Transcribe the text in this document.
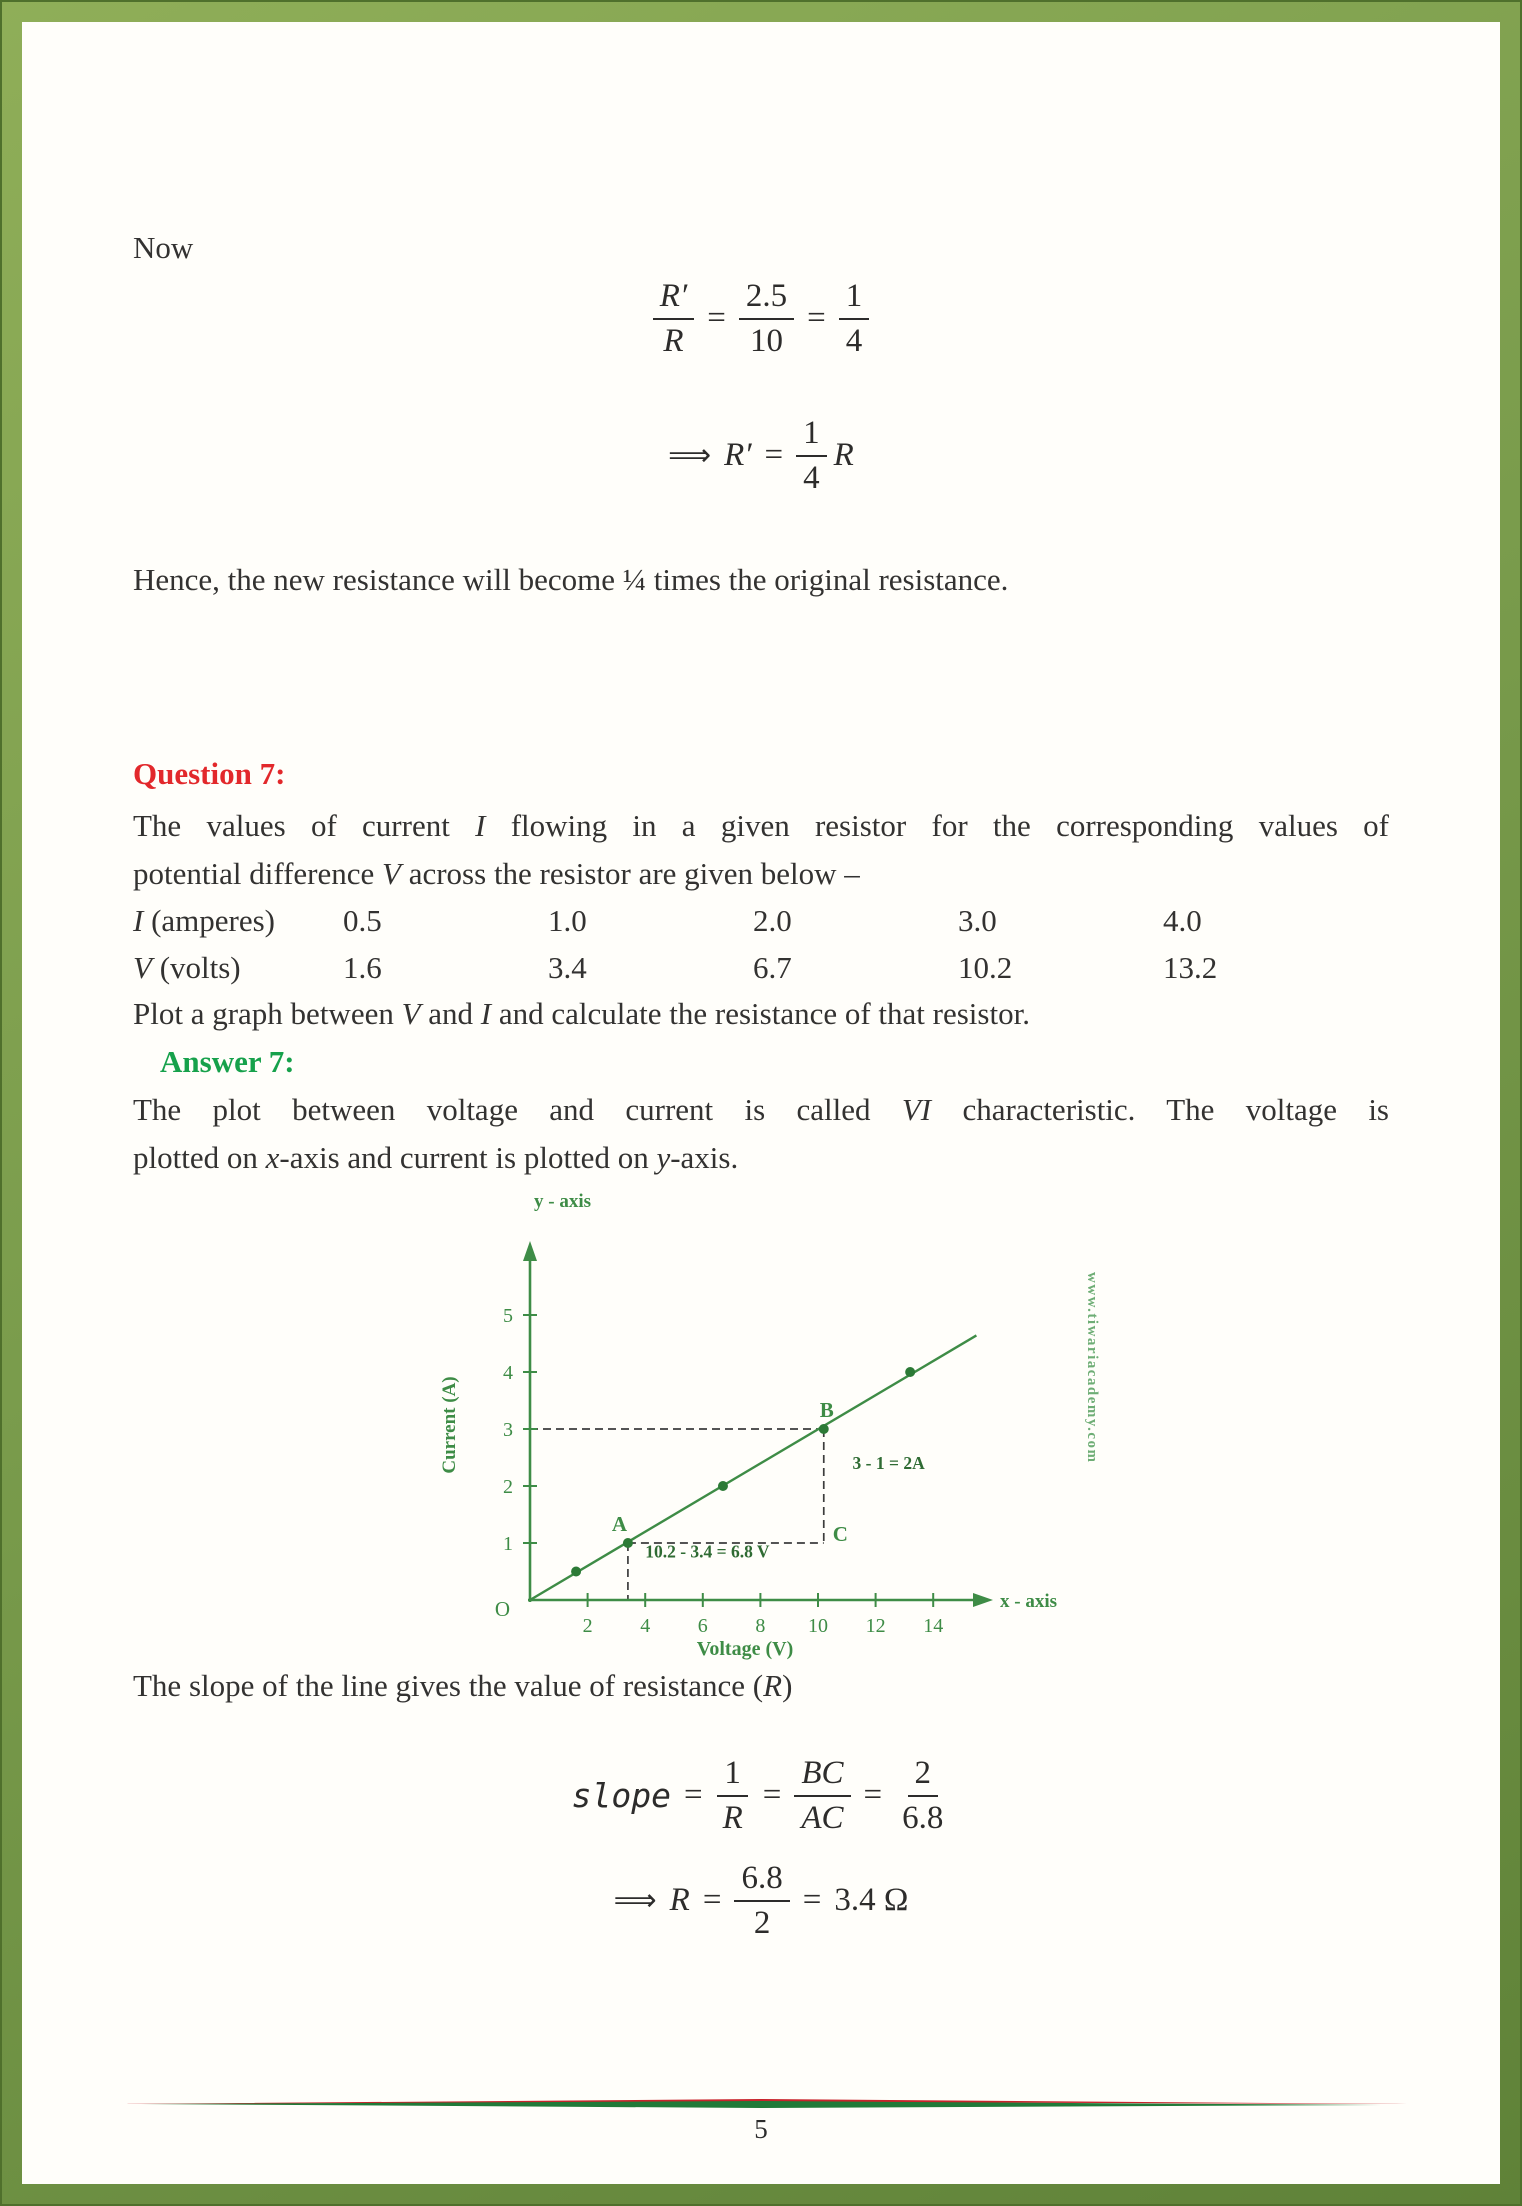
Now

$\frac{R'}{R} = \frac{2.5}{10} = \frac{1}{4}$
⟹ $R' = \frac{1}{4}$ R

Hence, the new resistance will become ¼ times the original resistance.

Question 7:

The values of current I flowing in a given resistor for the corresponding values of

potential difference V across the resistor are given below –

I (amperes) 0.5	1.0	2.0	3.0	4.0
V (volts)	1.6	3.4	6.7	10.2	13.2

Plot a graph between V and I and calculate the resistance of that resistor.

Answer 7:

The plot between voltage and current is called VI characteristic. The voltage is

plotted on x-axis and current is plotted on y-axis.

1
2
3
4
5
2 4 6 8 10 12 14
O
A
B
C
3 - 1 = 2A
10.2 - 3.4 = 6.8 V
y - axis
x - axis
Current (A)
Voltage (V)
www.tiwariacademy.com

The slope of the line gives the value of resistance (R)

slope = $\frac{1}{R} = \frac{BC}{AC} = \frac{2}{6.8}$
⟹ $R = \frac{6.8}{2} = 3.4$ Ω

5
